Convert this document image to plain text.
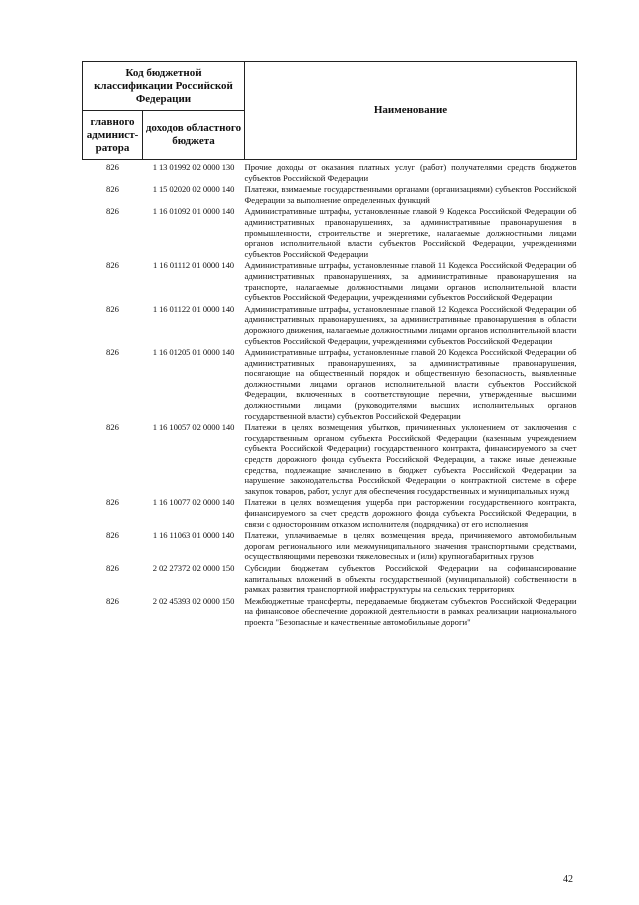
Код бюджетной классификации Российской Федерации		Наименование
главного админист- ратора	доходов областного бюджета	
826	1 13 01992 02 0000 130	Прочие доходы от оказания платных услуг (работ) получателями средств бюджетов субъектов Российской Федерации
826	1 15 02020 02 0000 140	Платежи, взимаемые государственными органами (организациями) субъектов Российской Федерации за выполнение определенных функций
826	1 16 01092 01 0000 140	Административные штрафы, установленные главой 9 Кодекса Российской Федерации об административных правонарушениях, за административные правонарушения в промышленности, строительстве и энергетике, налагаемые должностными лицами органов исполнительной власти субъектов Российской Федерации, учреждениями субъектов Российской Федерации
826	1 16 01112 01 0000 140	Административные штрафы, установленные главой 11 Кодекса Российской Федерации об административных правонарушениях, за административные правонарушения на транспорте, налагаемые должностными лицами органов исполнительной власти субъектов Российской Федерации, учреждениями субъектов Российской Федерации
826	1 16 01122 01 0000 140	Административные штрафы, установленные главой 12 Кодекса Российской Федерации об административных правонарушениях, за административные правонарушения в области дорожного движения, налагаемые должностными лицами органов исполнительной власти субъектов Российской Федерации, учреждениями субъектов Российской Федерации
826	1 16 01205 01 0000 140	Административные штрафы, установленные главой 20 Кодекса Российской Федерации об административных правонарушениях, за административные правонарушения, посягающие на общественный порядок и общественную безопасность, выявленные должностными лицами органов исполнительной власти субъектов Российской Федерации, включенных в соответствующие перечни, утвержденные высшими должностными лицами (руководителями высших исполнительных органов государственной власти) субъектов Российской Федерации
826	1 16 10057 02 0000 140	Платежи в целях возмещения убытков, причиненных уклонением от заключения с государственным органом субъекта Российской Федерации (казенным учреждением субъекта Российской Федерации) государственного контракта, финансируемого за счет средств дорожного фонда субъекта Российской Федерации, а также иные денежные средства, подлежащие зачислению в бюджет субъекта Российской Федерации за нарушение законодательства Российской Федерации о контрактной системе в сфере закупок товаров, работ, услуг для обеспечения государственных и муниципальных нужд
826	1 16 10077 02 0000 140	Платежи в целях возмещения ущерба при расторжении государственного контракта, финансируемого за счет средств дорожного фонда субъекта Российской Федерации, в связи с односторонним отказом исполнителя (подрядчика) от его исполнения
826	1 16 11063 01 0000 140	Платежи, уплачиваемые в целях возмещения вреда, причиняемого автомобильным дорогам регионального или межмуниципального значения транспортными средствами, осуществляющими перевозки тяжеловесных и (или) крупногабаритных грузов
826	2 02 27372 02 0000 150	Субсидии бюджетам субъектов Российской Федерации на софинансирование капитальных вложений в объекты государственной (муниципальной) собственности в рамках развития транспортной инфраструктуры на сельских территориях
826	2 02 45393 02 0000 150	Межбюджетные трансферты, передаваемые бюджетам субъектов Российской Федерации на финансовое обеспечение дорожной деятельности в рамках реализации национального проекта "Безопасные и качественные автомобильные дороги"
42
